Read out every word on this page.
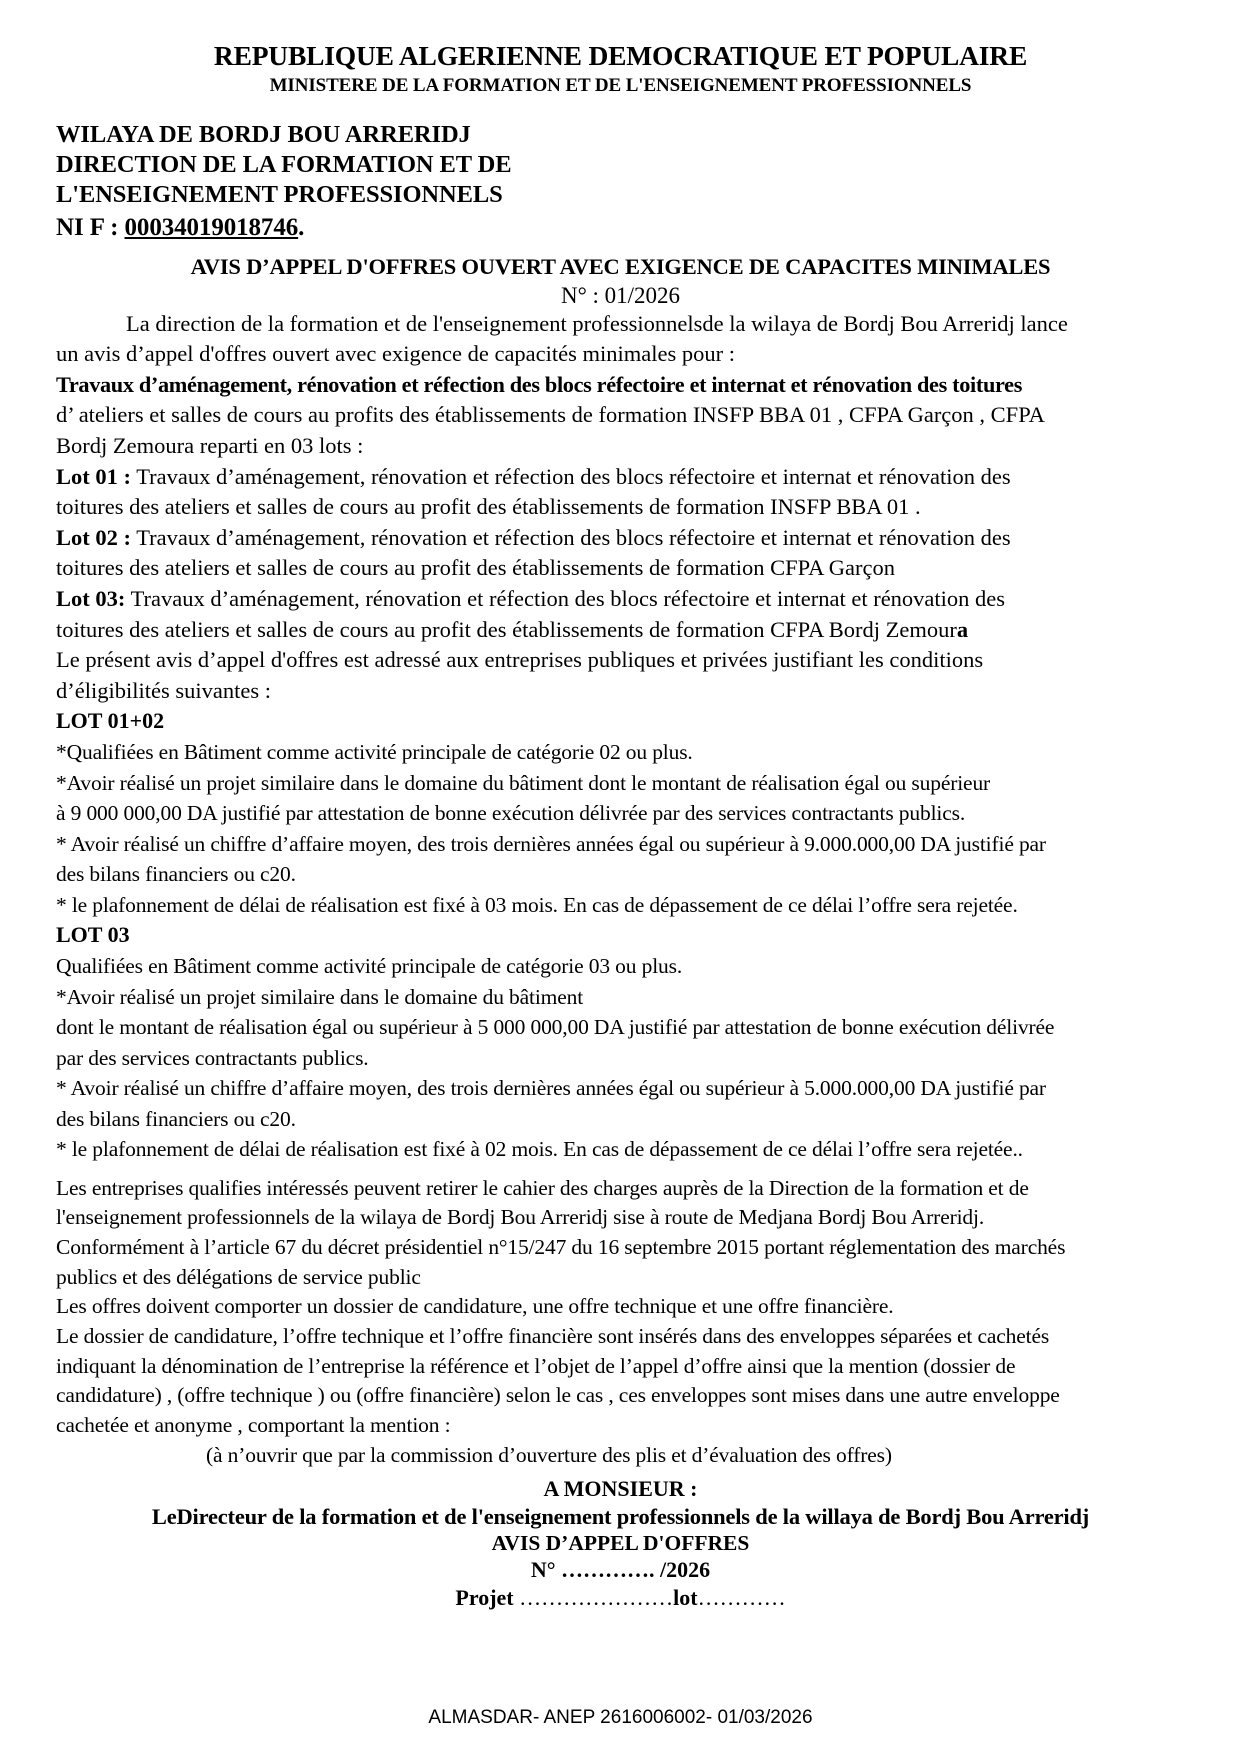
REPUBLIQUE ALGERIENNE DEMOCRATIQUE ET POPULAIRE
MINISTERE DE LA FORMATION ET DE L'ENSEIGNEMENT PROFESSIONNELS
WILAYA DE BORDJ BOU ARRERIDJ
DIRECTION DE LA FORMATION ET DE
L'ENSEIGNEMENT PROFESSIONNELS
NI F : 00034019018746.
AVIS D’APPEL D'OFFRES OUVERT AVEC EXIGENCE DE CAPACITES MINIMALES
N° : 01/2026

La direction de la formation et de l'enseignement professionnelsde la wilaya de Bordj Bou Arreridj lance

un avis d’appel d'offres ouvert avec exigence de capacités minimales pour :

Travaux d’aménagement, rénovation et réfection des blocs réfectoire et internat et rénovation des toitures

d’ ateliers et salles de cours au profits des établissements de formation INSFP BBA 01 , CFPA Garçon , CFPA

Bordj Zemoura reparti en 03 lots :

Lot 01 : Travaux d’aménagement, rénovation et réfection des blocs réfectoire et internat et rénovation des

toitures des ateliers et salles de cours au profit des établissements de formation INSFP BBA 01 .

Lot 02 : Travaux d’aménagement, rénovation et réfection des blocs réfectoire et internat et rénovation des

toitures des ateliers et salles de cours au profit des établissements de formation CFPA Garçon

Lot 03: Travaux d’aménagement, rénovation et réfection des blocs réfectoire et internat et rénovation des

toitures des ateliers et salles de cours au profit des établissements de formation CFPA Bordj Zemoura

Le présent avis d’appel d'offres est adressé aux entreprises publiques et privées justifiant les conditions

d’éligibilités suivantes :

LOT 01+02

*Qualifiées en Bâtiment comme activité principale de catégorie 02 ou plus.

*Avoir réalisé un projet similaire dans le domaine du bâtiment dont le montant de réalisation égal ou supérieur

à 9 000 000,00 DA justifié par attestation de bonne exécution délivrée par des services contractants publics.

* Avoir réalisé un chiffre d’affaire moyen, des trois dernières années égal ou supérieur à 9.000.000,00 DA justifié par

des bilans financiers ou c20.

* le plafonnement de délai de réalisation est fixé à 03 mois. En cas de dépassement de ce délai l’offre sera rejetée.

LOT 03

Qualifiées en Bâtiment comme activité principale de catégorie 03 ou plus.

*Avoir réalisé un projet similaire dans le domaine du bâtiment

dont le montant de réalisation égal ou supérieur à 5 000 000,00 DA justifié par attestation de bonne exécution délivrée

par des services contractants publics.

* Avoir réalisé un chiffre d’affaire moyen, des trois dernières années égal ou supérieur à 5.000.000,00 DA justifié par

des bilans financiers ou c20.

* le plafonnement de délai de réalisation est fixé à 02 mois. En cas de dépassement de ce délai l’offre sera rejetée..

Les entreprises qualifies intéressés peuvent retirer le cahier des charges auprès de la Direction de la formation et de

l'enseignement professionnels de la wilaya de Bordj Bou Arreridj sise à route de Medjana Bordj Bou Arreridj.

Conformément à l’article 67 du décret présidentiel n°15/247 du 16 septembre 2015 portant réglementation des marchés

publics et des délégations de service public

Les offres doivent comporter un dossier de candidature, une offre technique et une offre financière.

Le dossier de candidature, l’offre technique et l’offre financière sont insérés dans des enveloppes séparées et cachetés

indiquant la dénomination de l’entreprise la référence et l’objet de l’appel d’offre ainsi que la mention (dossier de

candidature) , (offre technique ) ou (offre financière) selon le cas , ces enveloppes sont mises dans une autre enveloppe

cachetée et anonyme , comportant la mention :

(à n’ouvrir que par la commission d’ouverture des plis et d’évaluation des offres)

A MONSIEUR :
LeDirecteur de la formation et de l'enseignement professionnels de la willaya de Bordj Bou Arreridj
AVIS D’APPEL D'OFFRES
N° …………. /2026
Projet …………………lot…………
ALMASDAR- ANEP 2616006002- 01/03/2026
